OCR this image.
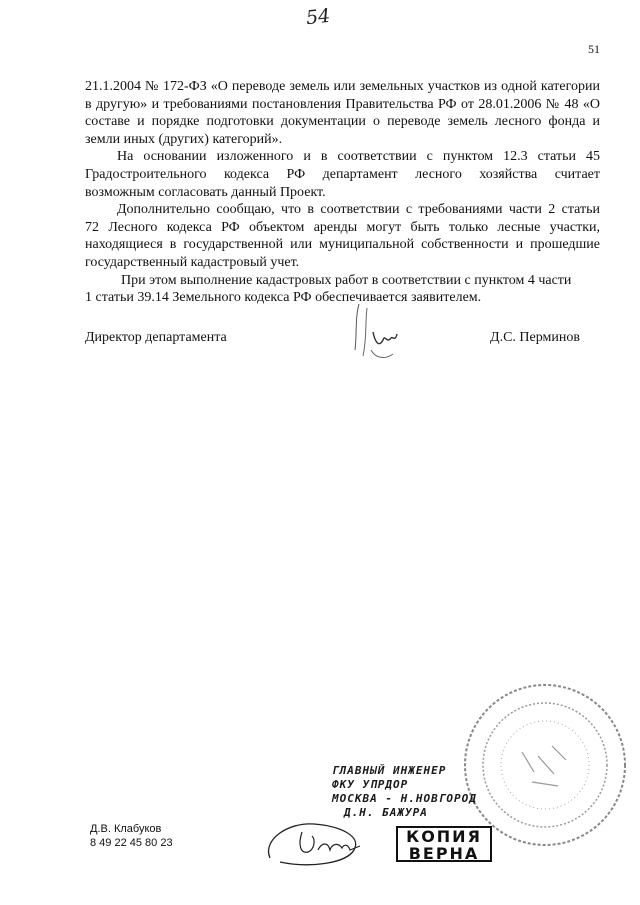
54
51
21.1.2004 № 172-ФЗ «О переводе земель или земельных участков из одной категории
в другую» и требованиями постановления Правительства РФ от 28.01.2006 № 48 «О
составе и порядке подготовки документации о переводе земель лесного фонда и
земли иных (других) категорий».
На основании изложенного и в соответствии с пунктом 12.3 статьи 45
Градостроительного кодекса РФ департамент лесного хозяйства считает
возможным согласовать данный Проект.
Дополнительно сообщаю, что в соответствии с требованиями части 2 статьи
72 Лесного кодекса РФ объектом аренды могут быть только лесные участки,
находящиеся в государственной или муниципальной собственности и прошедшие
государственный кадастровый учет.
При этом выполнение кадастровых работ в соответствии с пунктом 4 части
1 статьи 39.14 Земельного кодекса РФ обеспечивается заявителем.
Директор департамента	Д.С. Перминов
ГЛАВНЫЙ ИНЖЕНЕР
ФКУ УПРДОР
МОСКВА - Н.НОВГОРОД
Д.Н. БАЖУРА
КОПИЯ
ВЕРНА
Д.В. Клабуков
8 49 22 45 80 23
